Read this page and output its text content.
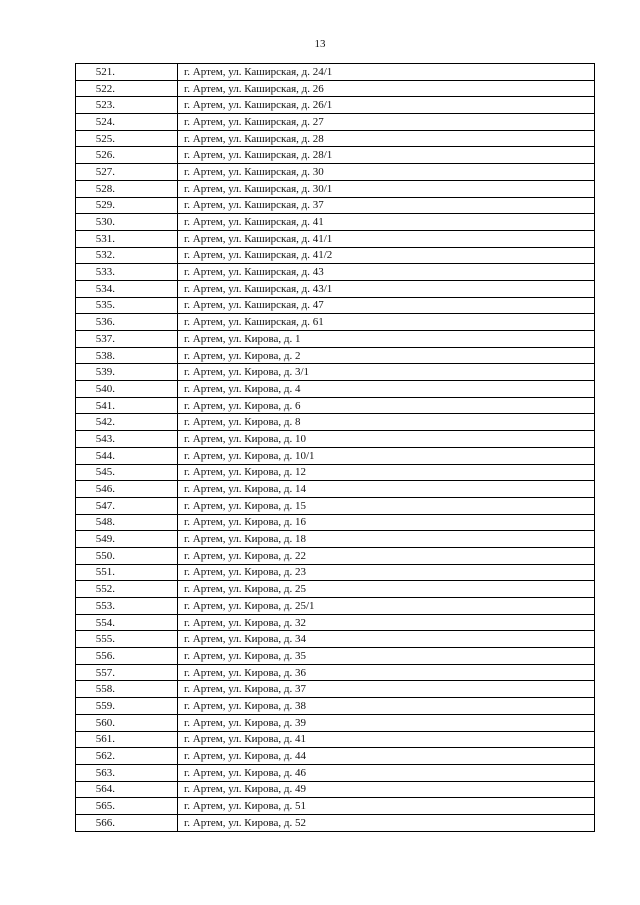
13
521.	г. Артем, ул. Каширская, д. 24/1
522.	г. Артем, ул. Каширская, д. 26
523.	г. Артем, ул. Каширская, д. 26/1
524.	г. Артем, ул. Каширская, д. 27
525.	г. Артем, ул. Каширская, д. 28
526.	г. Артем, ул. Каширская, д. 28/1
527.	г. Артем, ул. Каширская, д. 30
528.	г. Артем, ул. Каширская, д. 30/1
529.	г. Артем, ул. Каширская, д. 37
530.	г. Артем, ул. Каширская, д. 41
531.	г. Артем, ул. Каширская, д. 41/1
532.	г. Артем, ул. Каширская, д. 41/2
533.	г. Артем, ул. Каширская, д. 43
534.	г. Артем, ул. Каширская, д. 43/1
535.	г. Артем, ул. Каширская, д. 47
536.	г. Артем, ул. Каширская, д. 61
537.	г. Артем, ул. Кирова, д. 1
538.	г. Артем, ул. Кирова, д. 2
539.	г. Артем, ул. Кирова, д. 3/1
540.	г. Артем, ул. Кирова, д. 4
541.	г. Артем, ул. Кирова, д. 6
542.	г. Артем, ул. Кирова, д. 8
543.	г. Артем, ул. Кирова, д. 10
544.	г. Артем, ул. Кирова, д. 10/1
545.	г. Артем, ул. Кирова, д. 12
546.	г. Артем, ул. Кирова, д. 14
547.	г. Артем, ул. Кирова, д. 15
548.	г. Артем, ул. Кирова, д. 16
549.	г. Артем, ул. Кирова, д. 18
550.	г. Артем, ул. Кирова, д. 22
551.	г. Артем, ул. Кирова, д. 23
552.	г. Артем, ул. Кирова, д. 25
553.	г. Артем, ул. Кирова, д. 25/1
554.	г. Артем, ул. Кирова, д. 32
555.	г. Артем, ул. Кирова, д. 34
556.	г. Артем, ул. Кирова, д. 35
557.	г. Артем, ул. Кирова, д. 36
558.	г. Артем, ул. Кирова, д. 37
559.	г. Артем, ул. Кирова, д. 38
560.	г. Артем, ул. Кирова, д. 39
561.	г. Артем, ул. Кирова, д. 41
562.	г. Артем, ул. Кирова, д. 44
563.	г. Артем, ул. Кирова, д. 46
564.	г. Артем, ул. Кирова, д. 49
565.	г. Артем, ул. Кирова, д. 51
566.	г. Артем, ул. Кирова, д. 52
